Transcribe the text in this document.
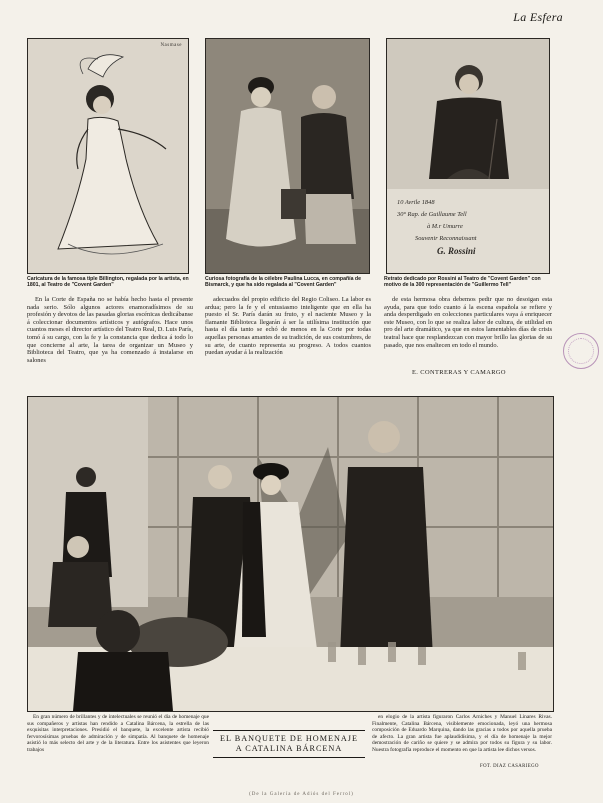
La Esfera
Nasmase
Caricatura de la famosa tiple Billington, regalada por la artista, en 1801, al Teatro de "Covent Garden"
Curiosa fotografía de la célebre Paulina Lucca, en compañía de Bismarck, y que ha sido regalada al "Covent Garden"
10 Avrile 1848
30° Rap. de Guillaume Tell
à M.r Umurre
Souvenir Reconnaissant
G. Rossini
Retrato dedicado por Rossini al Teatro de "Covent Garden" con motivo de la 300 representación de "Guillermo Tell"

En la Corte de España no se había hecho hasta el presente nada serio. Sólo algunos actores enamoradísimos de su profesión y devotos de las pasadas glorias escénicas dedicábanse á coleccionar documentos artísticos y autógrafos. Hace unos cuantos meses el director artístico del Teatro Real, D. Luis París, tomó á su cargo, con la fe y la constancia que dedica á todo lo que concierne al arte, la tarea de organizar un Museo y Biblioteca del Teatro, que ya ha comenzado á instalarse en salones

adecuados del propio edificio del Regio Coliseo. La labor es ardua; pero la fe y el entusiasmo inteligente que en ella ha puesto el Sr. París darán su fruto, y el naciente Museo y la flamante Biblioteca llegarán á ser la utilísima institución que hasta el día tanto se echó de menos en la Corte por todas aquellas personas amantes de su tradición, de sus costumbres, de su arte, de cuanto representa su progreso. A todos cuantos puedan ayudar á la realización

de esta hermosa obra debemos pedir que no desoigan esta ayuda, para que todo cuanto á la escena española se refiere y anda desperdigado en colecciones particulares vaya á enriquecer este Museo, con lo que se realiza labor de cultura, de utilidad en pro del arte dramático, ya que en estos lamentables días de crisis teatral hace que resplandezcan con mayor brillo las glorias de su pasado, que nos enaltecen en todo el mundo.

E. CONTRERAS Y CAMARGO

En gran número de brillantes y de intelectuales se reunió el día de homenaje que sus compañeros y artistas han rendido a Catalina Bárcena, la estrella de las exquisitas interpretaciones. Presidió el banquete, la excelente artista recibió fervorosísimas pruebas de admiración y de simpatía. Al banquete de homenaje asistió lo más selecto del arte y de la literatura. Entre los asistentes que leyeron trabajos

EL BANQUETE DE HOMENAJE
A CATALINA BÁRCENA

en elogio de la artista figuraron Carlos Arniches y Manuel Linares Rivas. Finalmente, Catalina Bárcena, visiblemente emocionada, leyó una hermosa composición de Eduardo Marquina, dando las gracias a todos por aquella prueba de afecto. La gran artista fue aplaudidísima, y el día de homenaje la mejor demostración de cariño se quiere y se admira por todos su figura y su labor. Nuestra fotografía reproduce el momento en que la artista lee dichos versos.

FOT. DIAZ CASARIEGO
(De la Galería de Adiós del Ferrol)
